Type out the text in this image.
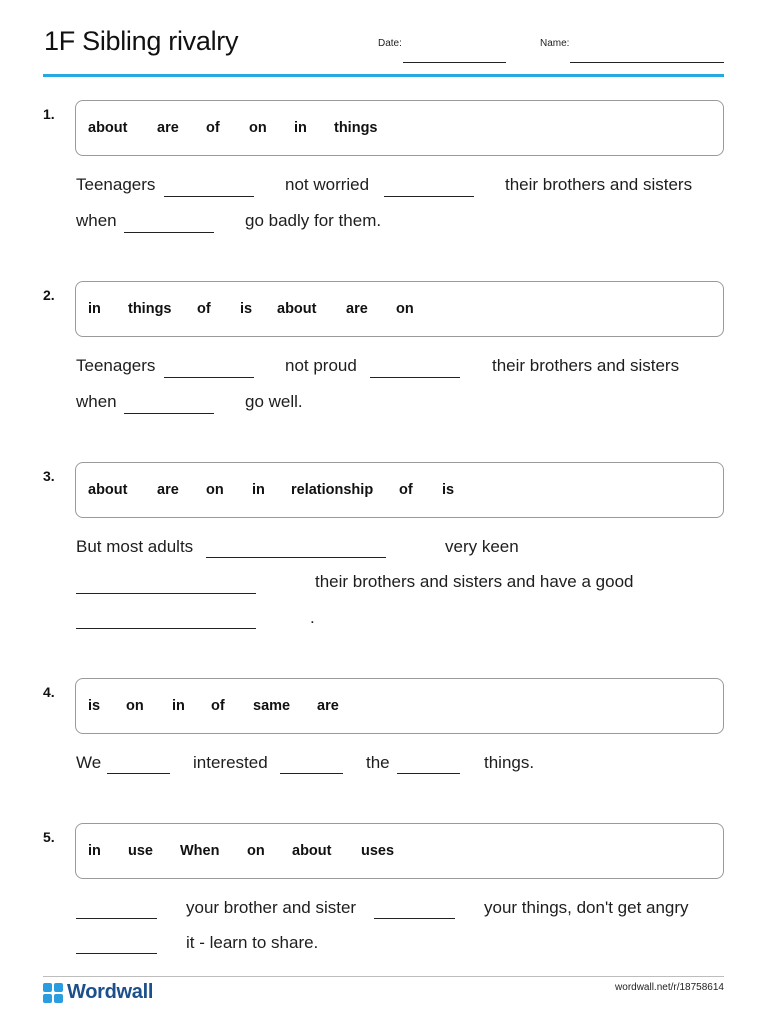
1F Sibling rivalry	Date:	Name:
1.
about are of on in things
Teenagers	not worried	their brothers and sisters
when	go badly for them.
2.
in things of is about are on
Teenagers	not proud	their brothers and sisters
when	go well.
3.
about are on in relationship of is
But most adults	very keen
their brothers and sisters and have a good
.
4.
is on in of same are
We	interested	the	things.
5.
in use When on about uses
your brother and sister	your things, don't get angry
it - learn to share.
Wordwall	wordwall.net/r/18758614
